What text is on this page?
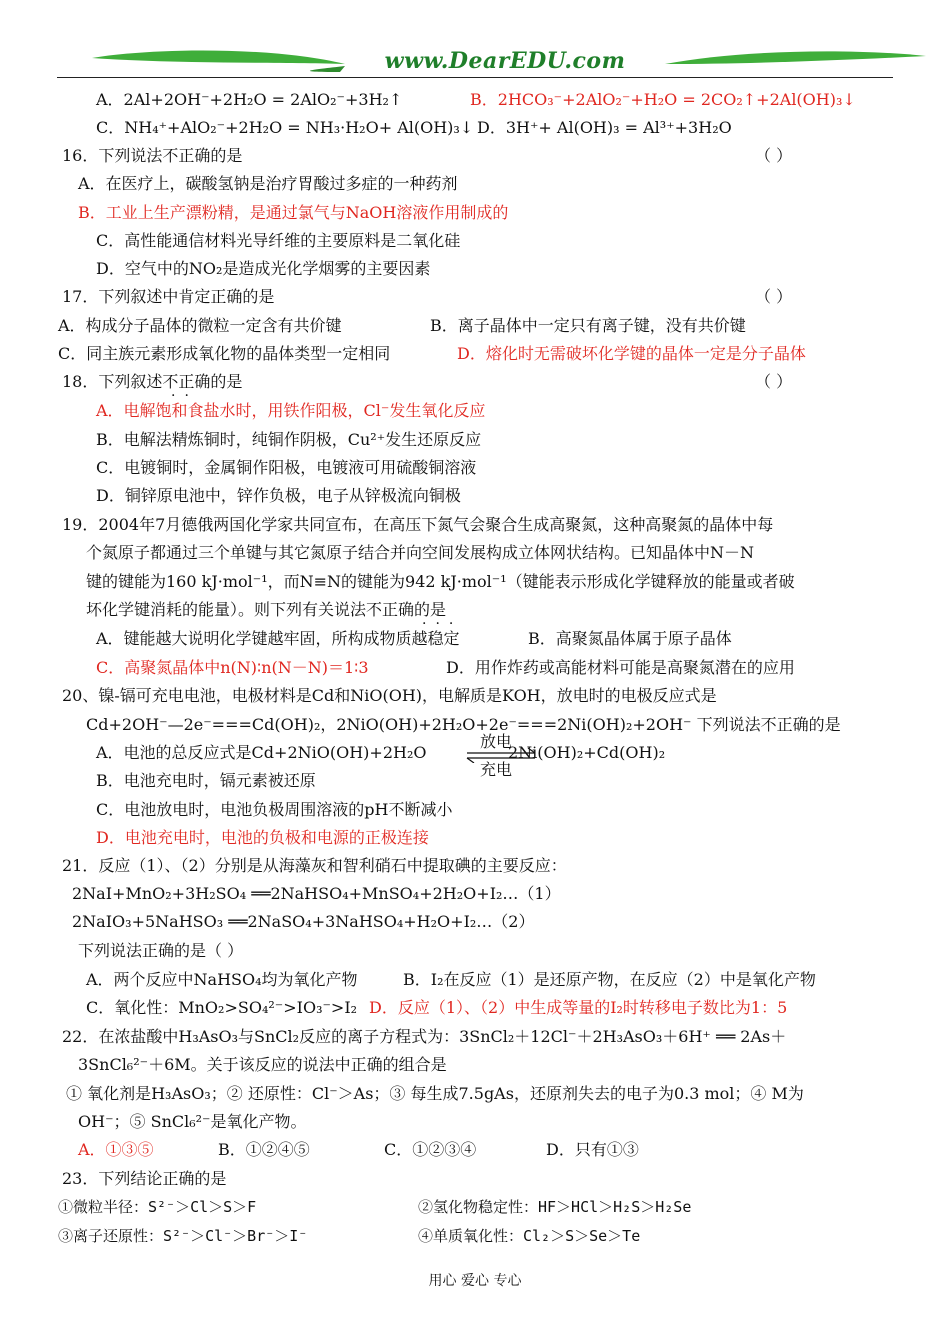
www.DearEDU.com
A．2Al+2OH⁻+2H₂O = 2AlO₂⁻+3H₂↑	B．2HCO₃⁻+2AlO₂⁻+H₂O = 2CO₂↑+2Al(OH)₃↓
C．NH₄⁺+AlO₂⁻+2H₂O = NH₃·H₂O+ Al(OH)₃↓ D．3H⁺+ Al(OH)₃ = Al³⁺+3H₂O
16．下列说法不正确的是	（ ）
A．在医疗上，碳酸氢钠是治疗胃酸过多症的一种药剂
B．工业上生产漂粉精，是通过氯气与NaOH溶液作用制成的
C．高性能通信材料光导纤维的主要原料是二氧化硅
D．空气中的NO₂是造成光化学烟雾的主要因素
17．下列叙述中肯定正确的是	（ ）
A．构成分子晶体的微粒一定含有共价键	B．离子晶体中一定只有离子键，没有共价键
C．同主族元素形成氧化物的晶体类型一定相同	D．熔化时无需破坏化学键的晶体一定是分子晶体
18．下列叙述不正确的是
·​·
（ ）
A．电解饱和食盐水时，用铁作阳极，Cl⁻发生氧化反应
B．电解法精炼铜时，纯铜作阴极，Cu²⁺发生还原反应
C．电镀铜时，金属铜作阳极，电镀液可用硫酸铜溶液
D．铜锌原电池中，锌作负极，电子从锌极流向铜极
19．2004年7月德俄两国化学家共同宣布，在高压下氮气会聚合生成高聚氮，这种高聚氮的晶体中每
个氮原子都通过三个单键与其它氮原子结合并向空间发展构成立体网状结构。已知晶体中N－N
键的键能为160 kJ·mol⁻¹，而N≡N的键能为942 kJ·mol⁻¹（键能表示形成化学键释放的能量或者破
坏化学键消耗的能量）。则下列有关说法不正确的是
···
A．键能越大说明化学键越牢固，所构成物质越稳定	B．高聚氮晶体属于原子晶体
C．高聚氮晶体中n(N)∶n(N－N)＝1∶3	D．用作炸药或高能材料可能是高聚氮潜在的应用
20、镍-镉可充电电池，电极材料是Cd和NiO(OH)，电解质是KOH，放电时的电极反应式是
Cd+2OH⁻—2e⁻===Cd(OH)₂，2NiO(OH)+2H₂O+2e⁻===2Ni(OH)₂+2OH⁻ 下列说法不正确的是
A．电池的总反应式是Cd+2NiO(OH)+2H₂O
放电
充电
2Ni(OH)₂+Cd(OH)₂
B．电池充电时，镉元素被还原
C．电池放电时，电池负极周围溶液的pH不断减小
D．电池充电时，电池的负极和电源的正极连接
21．反应（1）、（2）分别是从海藻灰和智利硝石中提取碘的主要反应：
2NaI+MnO₂+3H₂SO₄ ══2NaHSO₄+MnSO₄+2H₂O+I₂…（1）
2NaIO₃+5NaHSO₃ ══2NaSO₄+3NaHSO₄+H₂O+I₂…（2）
下列说法正确的是（ ）
A．两个反应中NaHSO₄均为氧化产物	B．I₂在反应（1）是还原产物，在反应（2）中是氧化产物
C．氧化性：MnO₂>SO₄²⁻>IO₃⁻>I₂ D．反应（1）、（2）中生成等量的I₂时转移电子数比为1：5
22．在浓盐酸中H₃AsO₃与SnCl₂反应的离子方程式为：3SnCl₂＋12Cl⁻＋2H₃AsO₃＋6H⁺ ══ 2As＋
3SnCl₆²⁻＋6M。关于该反应的说法中正确的组合是
① 氧化剂是H₃AsO₃；② 还原性：Cl⁻＞As；③ 每生成7.5gAs，还原剂失去的电子为0.3 mol；④ M为
OH⁻；⑤ SnCl₆²⁻是氧化产物。
A．①③⑤	B．①②④⑤	C．①②③④	D．只有①③
23．下列结论正确的是
①微粒半径：S²⁻＞Cl＞S＞F	②氢化物稳定性：HF＞HCl＞H₂S＞H₂Se
③离子还原性：S²⁻＞Cl⁻＞Br⁻＞I⁻	④单质氧化性：Cl₂＞S＞Se＞Te
用心 爱心 专心
